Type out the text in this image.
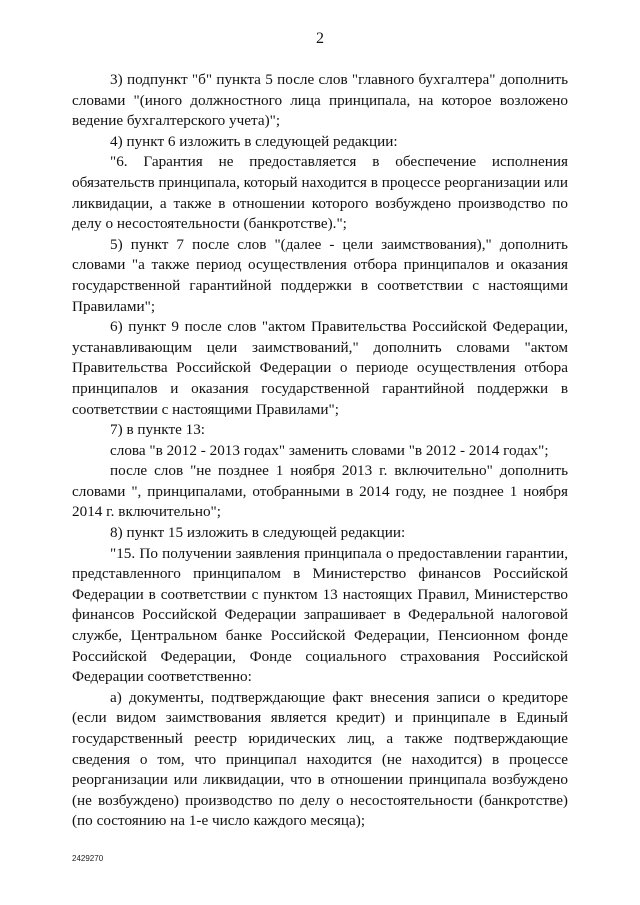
2

3) подпункт "б" пункта 5 после слов "главного бухгалтера" дополнить словами "(иного должностного лица принципала, на которое возложено ведение бухгалтерского учета)";

4) пункт 6 изложить в следующей редакции:

"6. Гарантия не предоставляется в обеспечение исполнения обязательств принципала, который находится в процессе реорганизации или ликвидации, а также в отношении которого возбуждено производство по делу о несостоятельности (банкротстве).";

5) пункт 7 после слов "(далее - цели заимствования)," дополнить словами "а также период осуществления отбора принципалов и оказания государственной гарантийной поддержки в соответствии с настоящими Правилами";

6) пункт 9 после слов "актом Правительства Российской Федерации, устанавливающим цели заимствований," дополнить словами "актом Правительства Российской Федерации о периоде осуществления отбора принципалов и оказания государственной гарантийной поддержки в соответствии с настоящими Правилами";

7) в пункте 13:

слова "в 2012 - 2013 годах" заменить словами "в 2012 - 2014 годах";

после слов "не позднее 1 ноября 2013 г. включительно" дополнить словами ", принципалами, отобранными в 2014 году, не позднее 1 ноября 2014 г. включительно";

8) пункт 15 изложить в следующей редакции:

"15. По получении заявления принципала о предоставлении гарантии, представленного принципалом в Министерство финансов Российской Федерации в соответствии с пунктом 13 настоящих Правил, Министерство финансов Российской Федерации запрашивает в Федеральной налоговой службе, Центральном банке Российской Федерации, Пенсионном фонде Российской Федерации, Фонде социального страхования Российской Федерации соответственно:

а) документы, подтверждающие факт внесения записи о кредиторе (если видом заимствования является кредит) и принципале в Единый государственный реестр юридических лиц, а также подтверждающие сведения о том, что принципал находится (не находится) в процессе реорганизации или ликвидации, что в отношении принципала возбуждено (не возбуждено) производство по делу о несостоятельности (банкротстве) (по состоянию на 1-е число каждого месяца);

2429270
